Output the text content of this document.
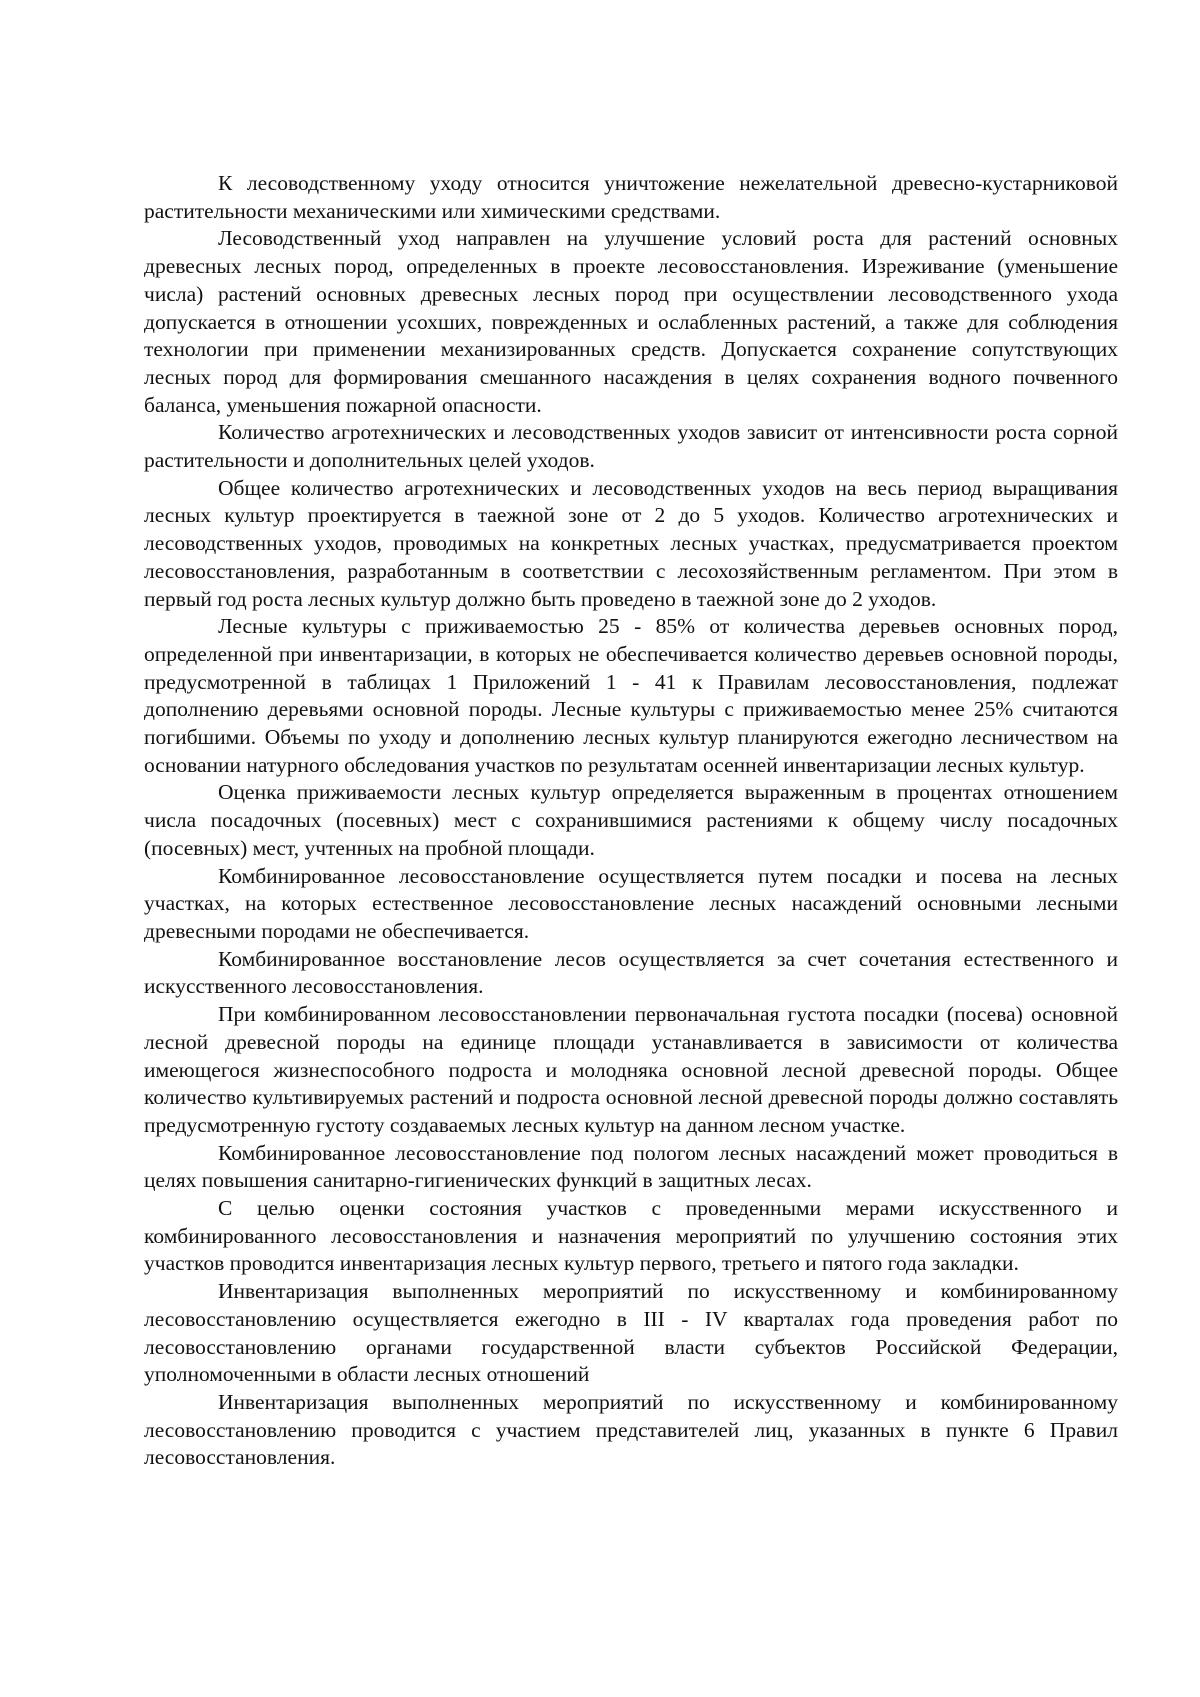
К лесоводственному уходу относится уничтожение нежелательной древесно-кустарниковой растительности механическими или химическими средствами.

Лесоводственный уход направлен на улучшение условий роста для растений основных древесных лесных пород, определенных в проекте лесовосстановления. Изреживание (уменьшение числа) растений основных древесных лесных пород при осуществлении лесоводственного ухода допускается в отношении усохших, поврежденных и ослабленных растений, а также для соблюдения технологии при применении механизированных средств. Допускается сохранение сопутствующих лесных пород для формирования смешанного насаждения в целях сохранения водного почвенного баланса, уменьшения пожарной опасности.

Количество агротехнических и лесоводственных уходов зависит от интенсивности роста сорной растительности и дополнительных целей уходов.

Общее количество агротехнических и лесоводственных уходов на весь период выращивания лесных культур проектируется в таежной зоне от 2 до 5 уходов. Количество агротехнических и лесоводственных уходов, проводимых на конкретных лесных участках, предусматривается проектом лесовосстановления, разработанным в соответствии с лесохозяйственным регламентом. При этом в первый год роста лесных культур должно быть проведено в таежной зоне до 2 уходов.

Лесные культуры с приживаемостью 25 - 85% от количества деревьев основных пород, определенной при инвентаризации, в которых не обеспечивается количество деревьев основной породы, предусмотренной в таблицах 1 Приложений 1 - 41 к Правилам лесовосстановления, подлежат дополнению деревьями основной породы. Лесные культуры с приживаемостью менее 25% считаются погибшими. Объемы по уходу и дополнению лесных культур планируются ежегодно лесничеством на основании натурного обследования участков по результатам осенней инвентаризации лесных культур.

Оценка приживаемости лесных культур определяется выраженным в процентах отношением числа посадочных (посевных) мест с сохранившимися растениями к общему числу посадочных (посевных) мест, учтенных на пробной площади.

Комбинированное лесовосстановление осуществляется путем посадки и посева на лесных участках, на которых естественное лесовосстановление лесных насаждений основными лесными древесными породами не обеспечивается.

Комбинированное восстановление лесов осуществляется за счет сочетания естественного и искусственного лесовосстановления.

При комбинированном лесовосстановлении первоначальная густота посадки (посева) основной лесной древесной породы на единице площади устанавливается в зависимости от количества имеющегося жизнеспособного подроста и молодняка основной лесной древесной породы. Общее количество культивируемых растений и подроста основной лесной древесной породы должно составлять предусмотренную густоту создаваемых лесных культур на данном лесном участке.

Комбинированное лесовосстановление под пологом лесных насаждений может проводиться в целях повышения санитарно-гигиенических функций в защитных лесах.

С целью оценки состояния участков с проведенными мерами искусственного и комбинированного лесовосстановления и назначения мероприятий по улучшению состояния этих участков проводится инвентаризация лесных культур первого, третьего и пятого года закладки.

Инвентаризация выполненных мероприятий по искусственному и комбинированному лесовосстановлению осуществляется ежегодно в III - IV кварталах года проведения работ по лесовосстановлению органами государственной власти субъектов Российской Федерации, уполномоченными в области лесных отношений

Инвентаризация выполненных мероприятий по искусственному и комбинированному лесовосстановлению проводится с участием представителей лиц, указанных в пункте 6 Правил лесовосстановления.
